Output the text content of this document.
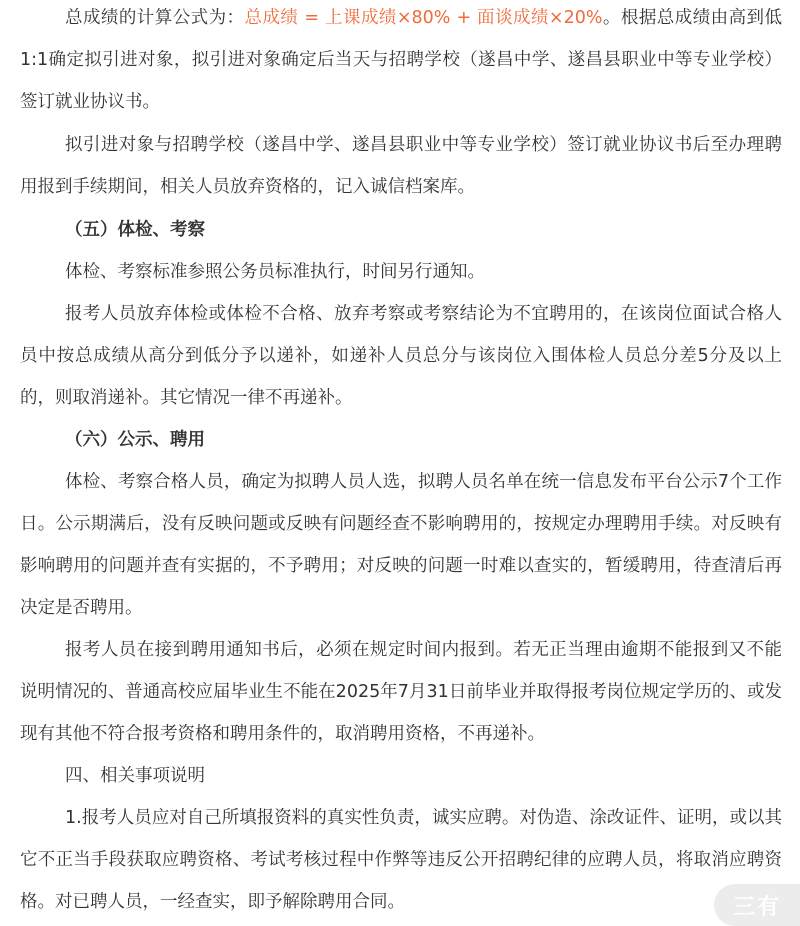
总成绩的计算公式为：总成绩 = 上课成绩×80% + 面谈成绩×20%。根据总成绩由高到低1:1确定拟引进对象，拟引进对象确定后当天与招聘学校（遂昌中学、遂昌县职业中等专业学校）签订就业协议书。

拟引进对象与招聘学校（遂昌中学、遂昌县职业中等专业学校）签订就业协议书后至办理聘用报到手续期间，相关人员放弃资格的，记入诚信档案库。

（五）体检、考察

体检、考察标准参照公务员标准执行，时间另行通知。

报考人员放弃体检或体检不合格、放弃考察或考察结论为不宜聘用的，在该岗位面试合格人员中按总成绩从高分到低分予以递补，如递补人员总分与该岗位入围体检人员总分差5分及以上的，则取消递补。其它情况一律不再递补。

（六）公示、聘用

体检、考察合格人员，确定为拟聘人员人选，拟聘人员名单在统一信息发布平台公示7个工作日。公示期满后，没有反映问题或反映有问题经查不影响聘用的，按规定办理聘用手续。对反映有影响聘用的问题并查有实据的，不予聘用；对反映的问题一时难以查实的，暂缓聘用，待查清后再决定是否聘用。

报考人员在接到聘用通知书后，必须在规定时间内报到。若无正当理由逾期不能报到又不能说明情况的、普通高校应届毕业生不能在2025年7月31日前毕业并取得报考岗位规定学历的、或发现有其他不符合报考资格和聘用条件的，取消聘用资格，不再递补。

四、相关事项说明

1.报考人员应对自己所填报资料的真实性负责，诚实应聘。对伪造、涂改证件、证明，或以其它不正当手段获取应聘资格、考试考核过程中作弊等违反公开招聘纪律的应聘人员，将取消应聘资格。对已聘人员，一经查实，即予解除聘用合同。	三有
